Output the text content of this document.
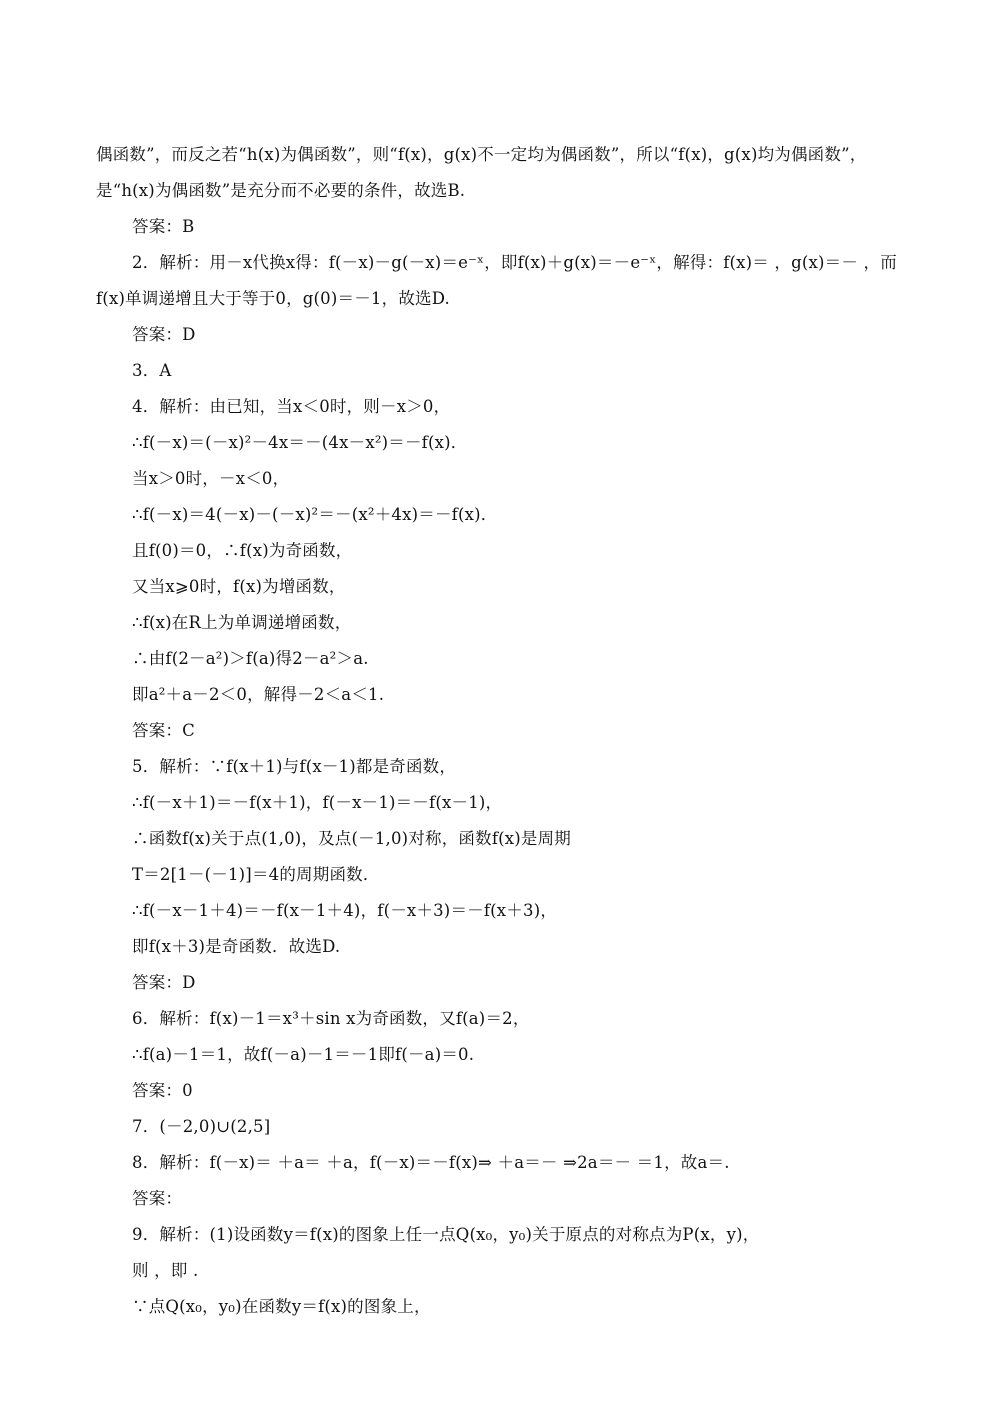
偶函数”，而反之若“h(x)为偶函数”，则“f(x)，g(x)不一定均为偶函数”，所以“f(x)，g(x)均为偶函数”，
是“h(x)为偶函数”是充分而不必要的条件，故选B.
答案：B
2．解析：用－x代换x得：f(－x)－g(－x)＝e⁻ˣ，即f(x)＋g(x)＝－e⁻ˣ，解得：f(x)＝ ，g(x)＝－ ，而
f(x)单调递增且大于等于0，g(0)＝－1，故选D.
答案：D
3．A
4．解析：由已知，当x＜0时，则－x＞0，
∴f(－x)＝(－x)²－4x＝－(4x－x²)＝－f(x)．
当x＞0时，－x＜0，
∴f(－x)＝4(－x)－(－x)²＝－(x²＋4x)＝－f(x)．
且f(0)＝0，∴f(x)为奇函数，
又当x⩾0时，f(x)为增函数，
∴f(x)在R上为单调递增函数，
∴由f(2－a²)＞f(a)得2－a²＞a.
即a²＋a－2＜0，解得－2＜a＜1.
答案：C
5．解析：∵f(x＋1)与f(x－1)都是奇函数，
∴f(－x＋1)＝－f(x＋1)，f(－x－1)＝－f(x－1)，
∴函数f(x)关于点(1,0)，及点(－1,0)对称，函数f(x)是周期
T＝2[1－(－1)]＝4的周期函数．
∴f(－x－1＋4)＝－f(x－1＋4)，f(－x＋3)＝－f(x＋3)，
即f(x＋3)是奇函数．故选D.
答案：D
6．解析：f(x)－1＝x³＋sin x为奇函数，又f(a)＝2，
∴f(a)－1＝1，故f(－a)－1＝－1即f(－a)＝0.
答案：0
7．(－2,0)∪(2,5]
8．解析：f(－x)＝ ＋a＝ ＋a，f(－x)＝－f(x)⇒ ＋a＝－ ⇒2a＝－ ＝1，故a＝.
答案：
9．解析：(1)设函数y＝f(x)的图象上任一点Q(x₀，y₀)关于原点的对称点为P(x，y)，
则 ，即 .
∵点Q(x₀，y₀)在函数y＝f(x)的图象上，
